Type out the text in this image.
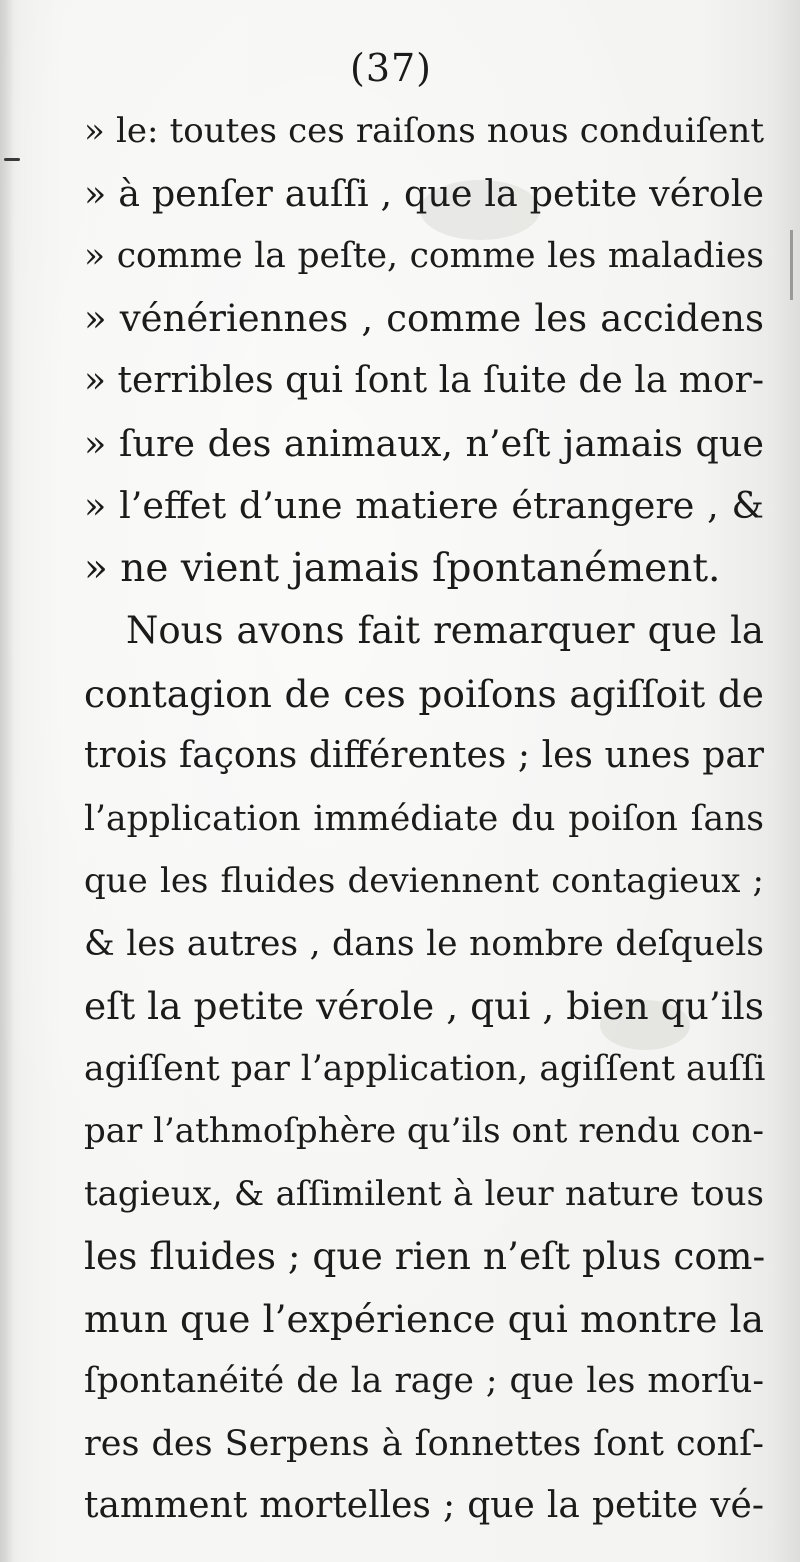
(37)
» le: toutes ces raiſons nous conduiſent
» à penſer auſſi , que la petite vérole
» comme la peſte, comme les maladies
» vénériennes , comme les accidens
» terribles qui ſont la ſuite de la mor-
» ſure des animaux, n’eſt jamais que
» l’effet d’une matiere étrangere , &
» ne vient jamais ſpontanément.
Nous avons fait remarquer que la
contagion de ces poiſons agiſſoit de
trois façons différentes ; les unes par
l’application immédiate du poiſon ſans
que les fluides deviennent contagieux ;
& les autres , dans le nombre deſquels
eſt la petite vérole , qui , bien qu’ils
agiſſent par l’application, agiſſent auſſi
par l’athmoſphère qu’ils ont rendu con-
tagieux, & aſſimilent à leur nature tous
les fluides ; que rien n’eſt plus com-
mun que l’expérience qui montre la
ſpontanéité de la rage ; que les morſu-
res des Serpens à ſonnettes ſont conſ-
tamment mortelles ; que la petite vé-
